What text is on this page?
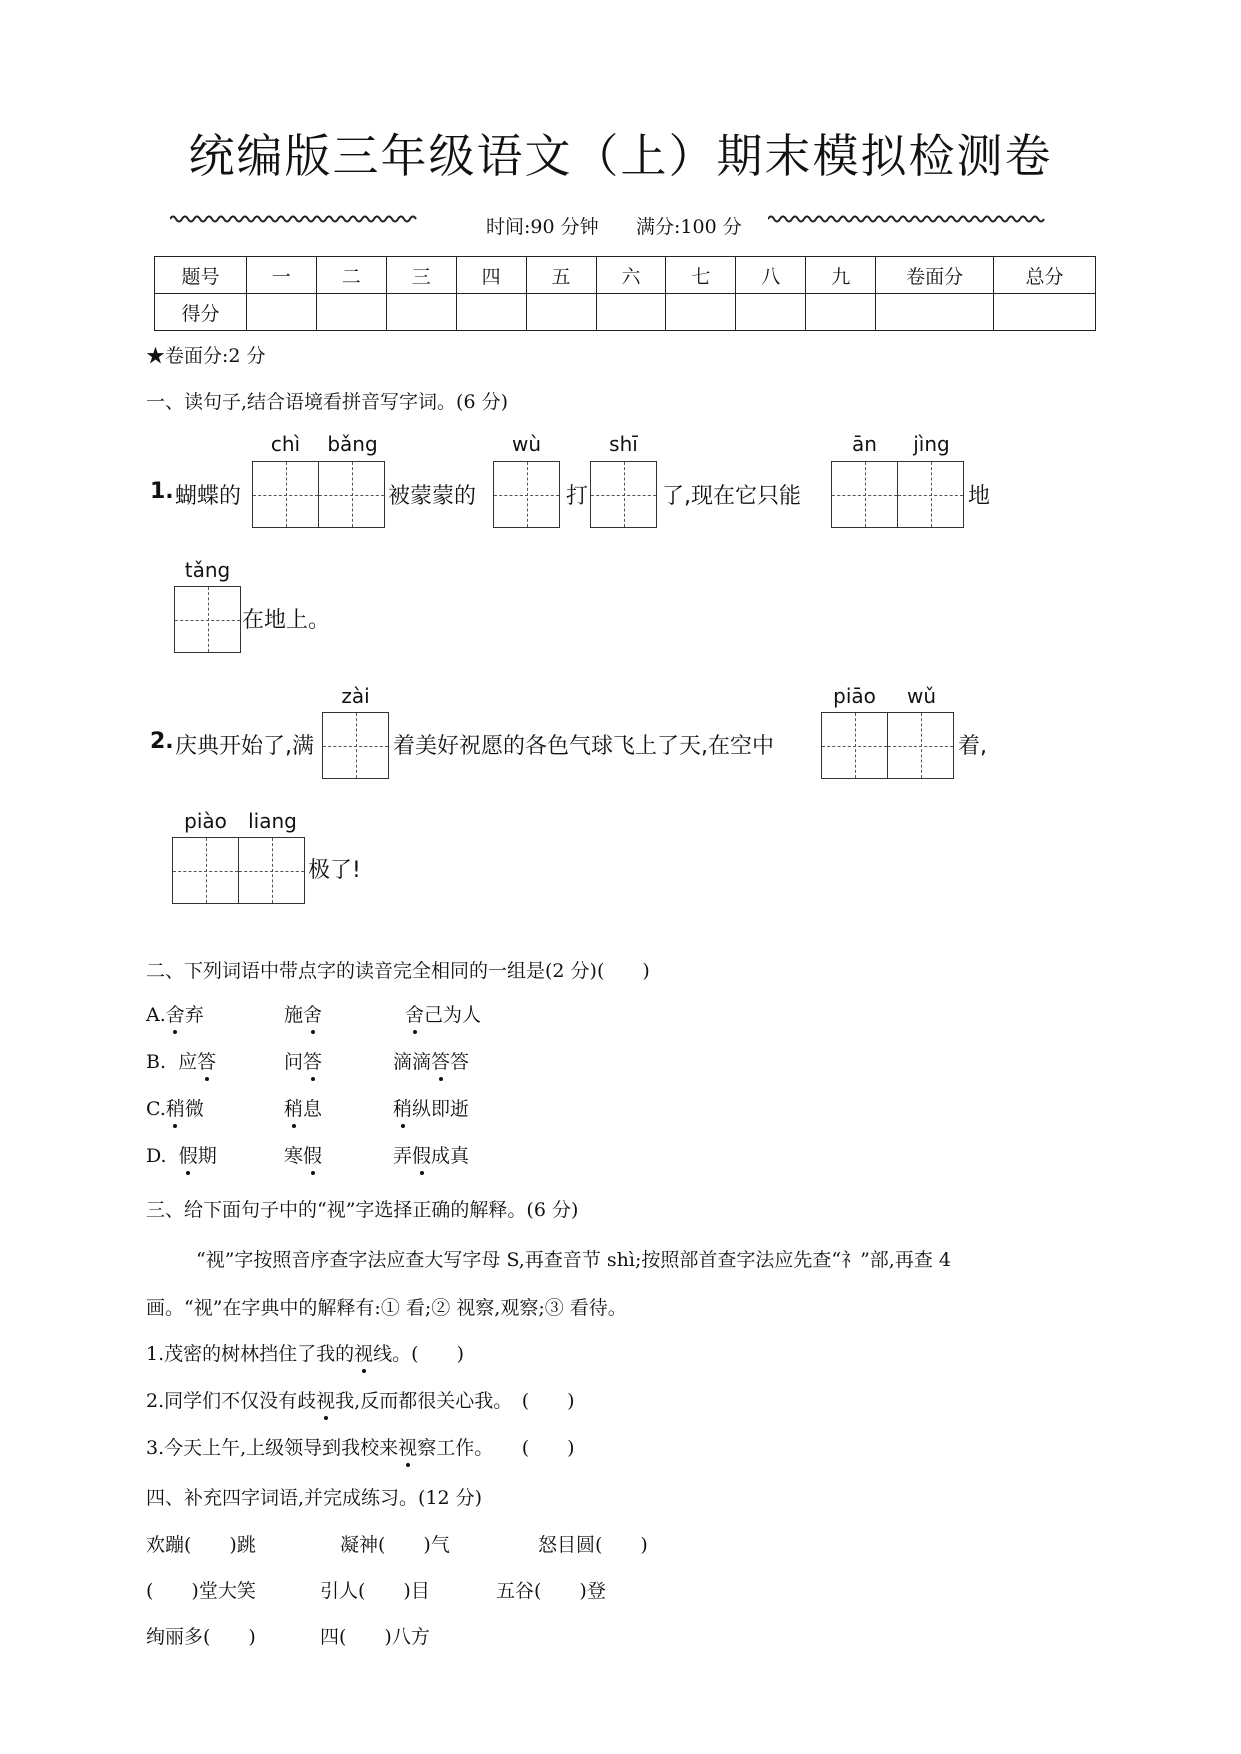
统编版三年级语文（上）期末模拟检测卷
时间:90 分钟 满分:100 分
题号	一	二	三	四	五	六	七	八	九	卷面分	总分
得分											
★卷面分:2 分
一、读句子,结合语境看拼音写字词。(6 分)
1. 蝴蝶的
chì	bǎng
被蒙蒙的
wù
打
shī
了,现在它只能
ān	jìng
地
tǎng
在地上。
2. 庆典开始了,满
zài
着美好祝愿的各色气球飞上了天,在空中
piāo	wǔ
着,
piào	liang
极了!
二、下列词语中带点字的读音完全相同的一组是(2 分)(　　)
A.舍弃	施舍	舍己为人
B. 应答	问答	滴滴答答
C.稍微	稍息	稍纵即逝
D. 假期	寒假	弄假成真
三、给下面句子中的“视”字选择正确的解释。(6 分)
“视”字按照音序查字法应查大写字母 S,再查音节 shì;按照部首查字法应先查“礻”部,再查 4
画。“视”在字典中的解释有:① 看;② 视察,观察;③ 看待。
1.茂密的树林挡住了我的视线。(　　)
2.同学们不仅没有歧视我,反而都很关心我。　(　　)
3.今天上午,上级领导到我校来视察工作。　　(　　)
四、补充四字词语,并完成练习。(12 分)
欢蹦(　　)跳	凝神(　　)气	怒目圆(　　)
(　　)堂大笑	引人(　　)目	五谷(　　)登
绚丽多(　　)	四(　　)八方
